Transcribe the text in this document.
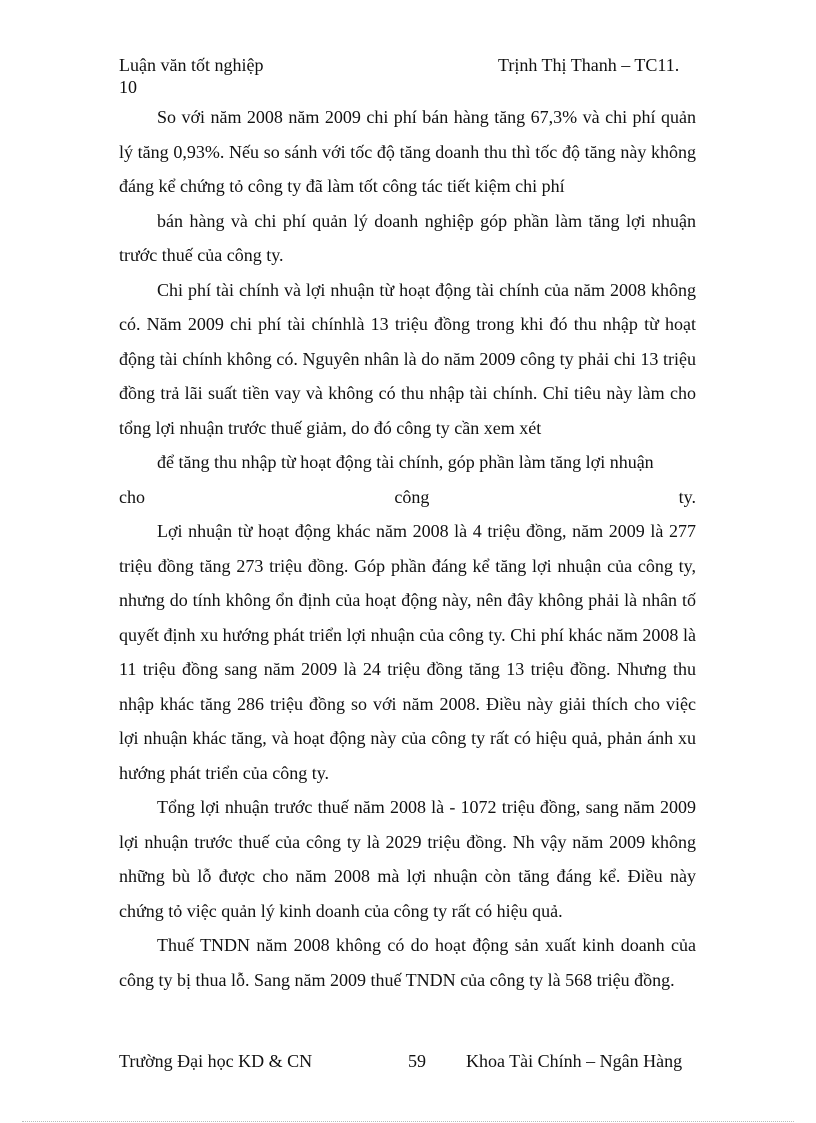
Luận văn tốt nghiệp
10
Trịnh Thị Thanh – TC11.

So với năm 2008 năm 2009 chi phí bán hàng tăng 67,3% và chi phí quản lý tăng 0,93%. Nếu so sánh với tốc độ tăng doanh thu thì tốc độ tăng này không đáng kể chứng tỏ công ty đã làm tốt công tác tiết kiệm chi phí

bán hàng và chi phí quản lý doanh nghiệp góp phần làm tăng lợi nhuận trước thuế của công ty.

Chi phí tài chính và lợi nhuận từ hoạt động tài chính của năm 2008 không có. Năm 2009 chi phí tài chínhlà 13 triệu đồng trong khi đó thu nhập từ hoạt động tài chính không có. Nguyên nhân là do năm 2009 công ty phải chi 13 triệu đồng trả lãi suất tiền vay và không có thu nhập tài chính. Chỉ tiêu này làm cho tổng lợi nhuận trước thuế giảm, do đó công ty cần xem xét

để tăng thu nhập từ hoạt động tài chính, góp phần làm tăng lợi nhuận

cho	công	ty.

Lợi nhuận từ hoạt động khác năm 2008 là 4 triệu đồng, năm 2009 là 277 triệu đồng tăng 273 triệu đồng. Góp phần đáng kể tăng lợi nhuận của công ty, nhưng do tính không ổn định của hoạt động này, nên đây không phải là nhân tố quyết định xu hướng phát triển lợi nhuận của công ty. Chi phí khác năm 2008 là 11 triệu đồng sang năm 2009 là 24 triệu đồng tăng 13 triệu đồng. Nhưng thu nhập khác tăng 286 triệu đồng so với năm 2008. Điều này giải thích cho việc lợi nhuận khác tăng, và hoạt động này của công ty rất có hiệu quả, phản ánh xu hướng phát triển của công ty.

Tổng lợi nhuận trước thuế năm 2008 là - 1072 triệu đồng, sang năm 2009 lợi nhuận trước thuế của công ty là 2029 triệu đồng. Nh vậy năm 2009 không những bù lỗ được cho năm 2008 mà lợi nhuận còn tăng đáng kể. Điều này chứng tỏ việc quản lý kinh doanh của công ty rất có hiệu quả.

Thuế TNDN năm 2008 không có do hoạt động sản xuất kinh doanh của công ty bị thua lỗ. Sang năm 2009 thuế TNDN của công ty là 568 triệu đồng.

Trường Đại học KD & CN	59 Khoa Tài Chính – Ngân Hàng
